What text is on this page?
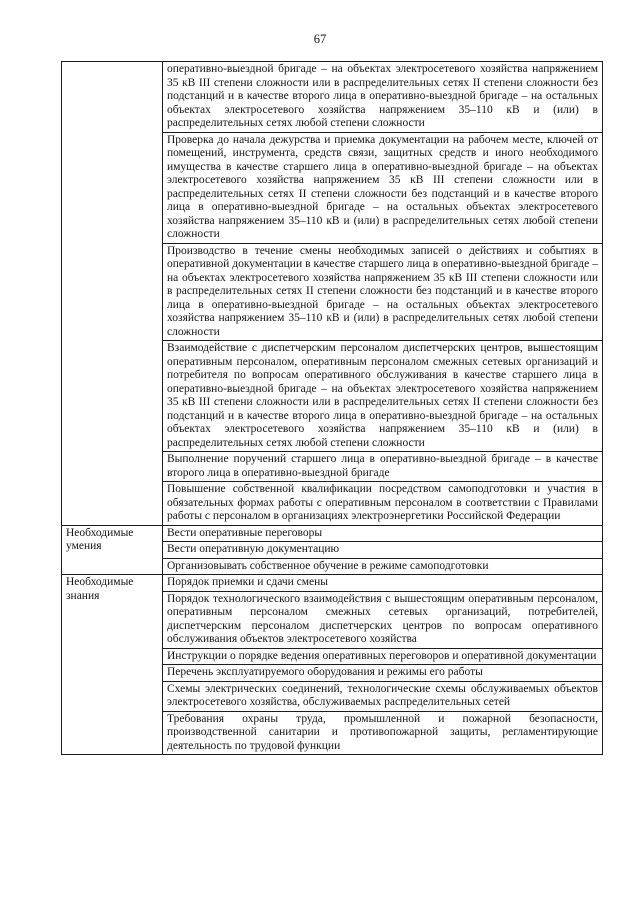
67

	оперативно-выездной бригаде – на объектах электросетевого хозяйства напряжением 35 кВ III степени сложности или в распределительных сетях II степени сложности без подстанций и в качестве второго лица в оперативно-выездной бригаде – на остальных объектах электросетевого хозяйства напряжением 35–110 кВ и (или) в распределительных сетях любой степени сложности

	Проверка до начала дежурства и приемка документации на рабочем месте, ключей от помещений, инструмента, средств связи, защитных средств и иного необходимого имущества в качестве старшего лица в оперативно-выездной бригаде – на объектах электросетевого хозяйства напряжением 35 кВ III степени сложности или в распределительных сетях II степени сложности без подстанций и в качестве второго лица в оперативно-выездной бригаде – на остальных объектах электросетевого хозяйства напряжением 35–110 кВ и (или) в распределительных сетях любой степени сложности

	Производство в течение смены необходимых записей о действиях и событиях в оперативной документации в качестве старшего лица в оперативно-выездной бригаде – на объектах электросетевого хозяйства напряжением 35 кВ III степени сложности или в распределительных сетях II степени сложности без подстанций и в качестве второго лица в оперативно-выездной бригаде – на остальных объектах электросетевого хозяйства напряжением 35–110 кВ и (или) в распределительных сетях любой степени сложности

	Взаимодействие с диспетчерским персоналом диспетчерских центров, вышестоящим оперативным персоналом, оперативным персоналом смежных сетевых организаций и потребителя по вопросам оперативного обслуживания в качестве старшего лица в оперативно-выездной бригаде – на объектах электросетевого хозяйства напряжением 35 кВ III степени сложности или в распределительных сетях II степени сложности без подстанций и в качестве второго лица в оперативно-выездной бригаде – на остальных объектах электросетевого хозяйства напряжением 35–110 кВ и (или) в распределительных сетях любой степени сложности

	Выполнение поручений старшего лица в оперативно-выездной бригаде – в качестве второго лица в оперативно-выездной бригаде

	Повышение собственной квалификации посредством самоподготовки и участия в обязательных формах работы с оперативным персоналом в соответствии с Правилами работы с персоналом в организациях электроэнергетики Российской Федерации

Необходимые умения	Вести оперативные переговоры

	Вести оперативную документацию

	Организовывать собственное обучение в режиме самоподготовки

Необходимые знания	Порядок приемки и сдачи смены

	Порядок технологического взаимодействия с вышестоящим оперативным персоналом, оперативным персоналом смежных сетевых организаций, потребителей, диспетчерским персоналом диспетчерских центров по вопросам оперативного обслуживания объектов электросетевого хозяйства

	Инструкции о порядке ведения оперативных переговоров и оперативной документации

	Перечень эксплуатируемого оборудования и режимы его работы

	Схемы электрических соединений, технологические схемы обслуживаемых объектов электросетевого хозяйства, обслуживаемых распределительных сетей

	Требования охраны труда, промышленной и пожарной безопасности, производственной санитарии и противопожарной защиты, регламентирующие деятельность по трудовой функции
